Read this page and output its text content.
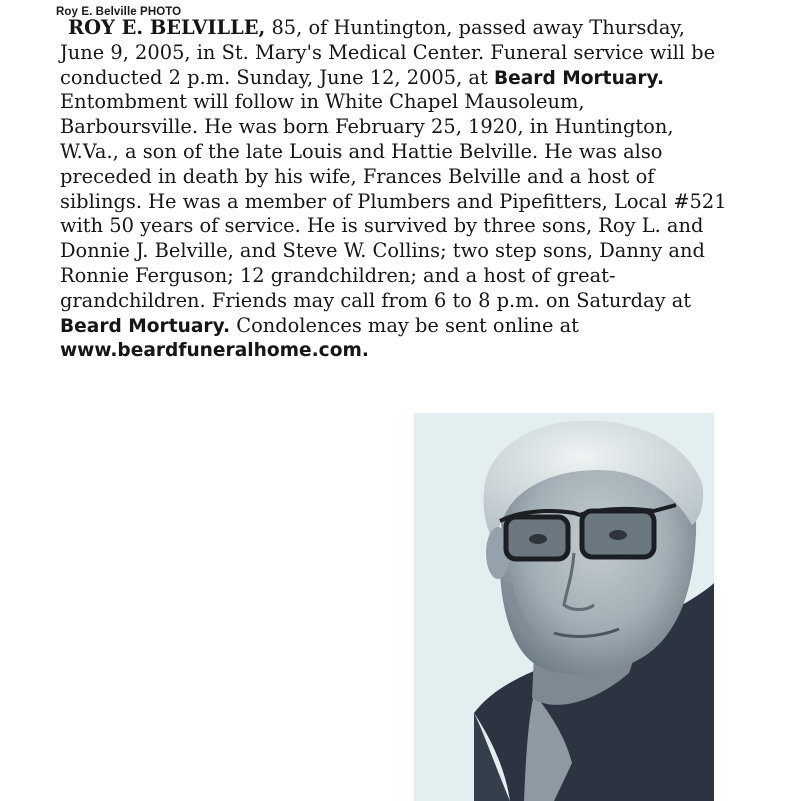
Roy E. Belville PHOTO
ROY E. BELVILLE, 85, of Huntington, passed away Thursday,
June 9, 2005, in St. Mary's Medical Center. Funeral service will be
conducted 2 p.m. Sunday, June 12, 2005, at Beard Mortuary.
Entombment will follow in White Chapel Mausoleum,
Barboursville. He was born February 25, 1920, in Huntington,
W.Va., a son of the late Louis and Hattie Belville. He was also
preceded in death by his wife, Frances Belville and a host of
siblings. He was a member of Plumbers and Pipefitters, Local #521
with 50 years of service. He is survived by three sons, Roy L. and
Donnie J. Belville, and Steve W. Collins; two step sons, Danny and
Ronnie Ferguson; 12 grandchildren; and a host of great-
grandchildren. Friends may call from 6 to 8 p.m. on Saturday at
Beard Mortuary. Condolences may be sent online at
www.beardfuneralhome.com.
